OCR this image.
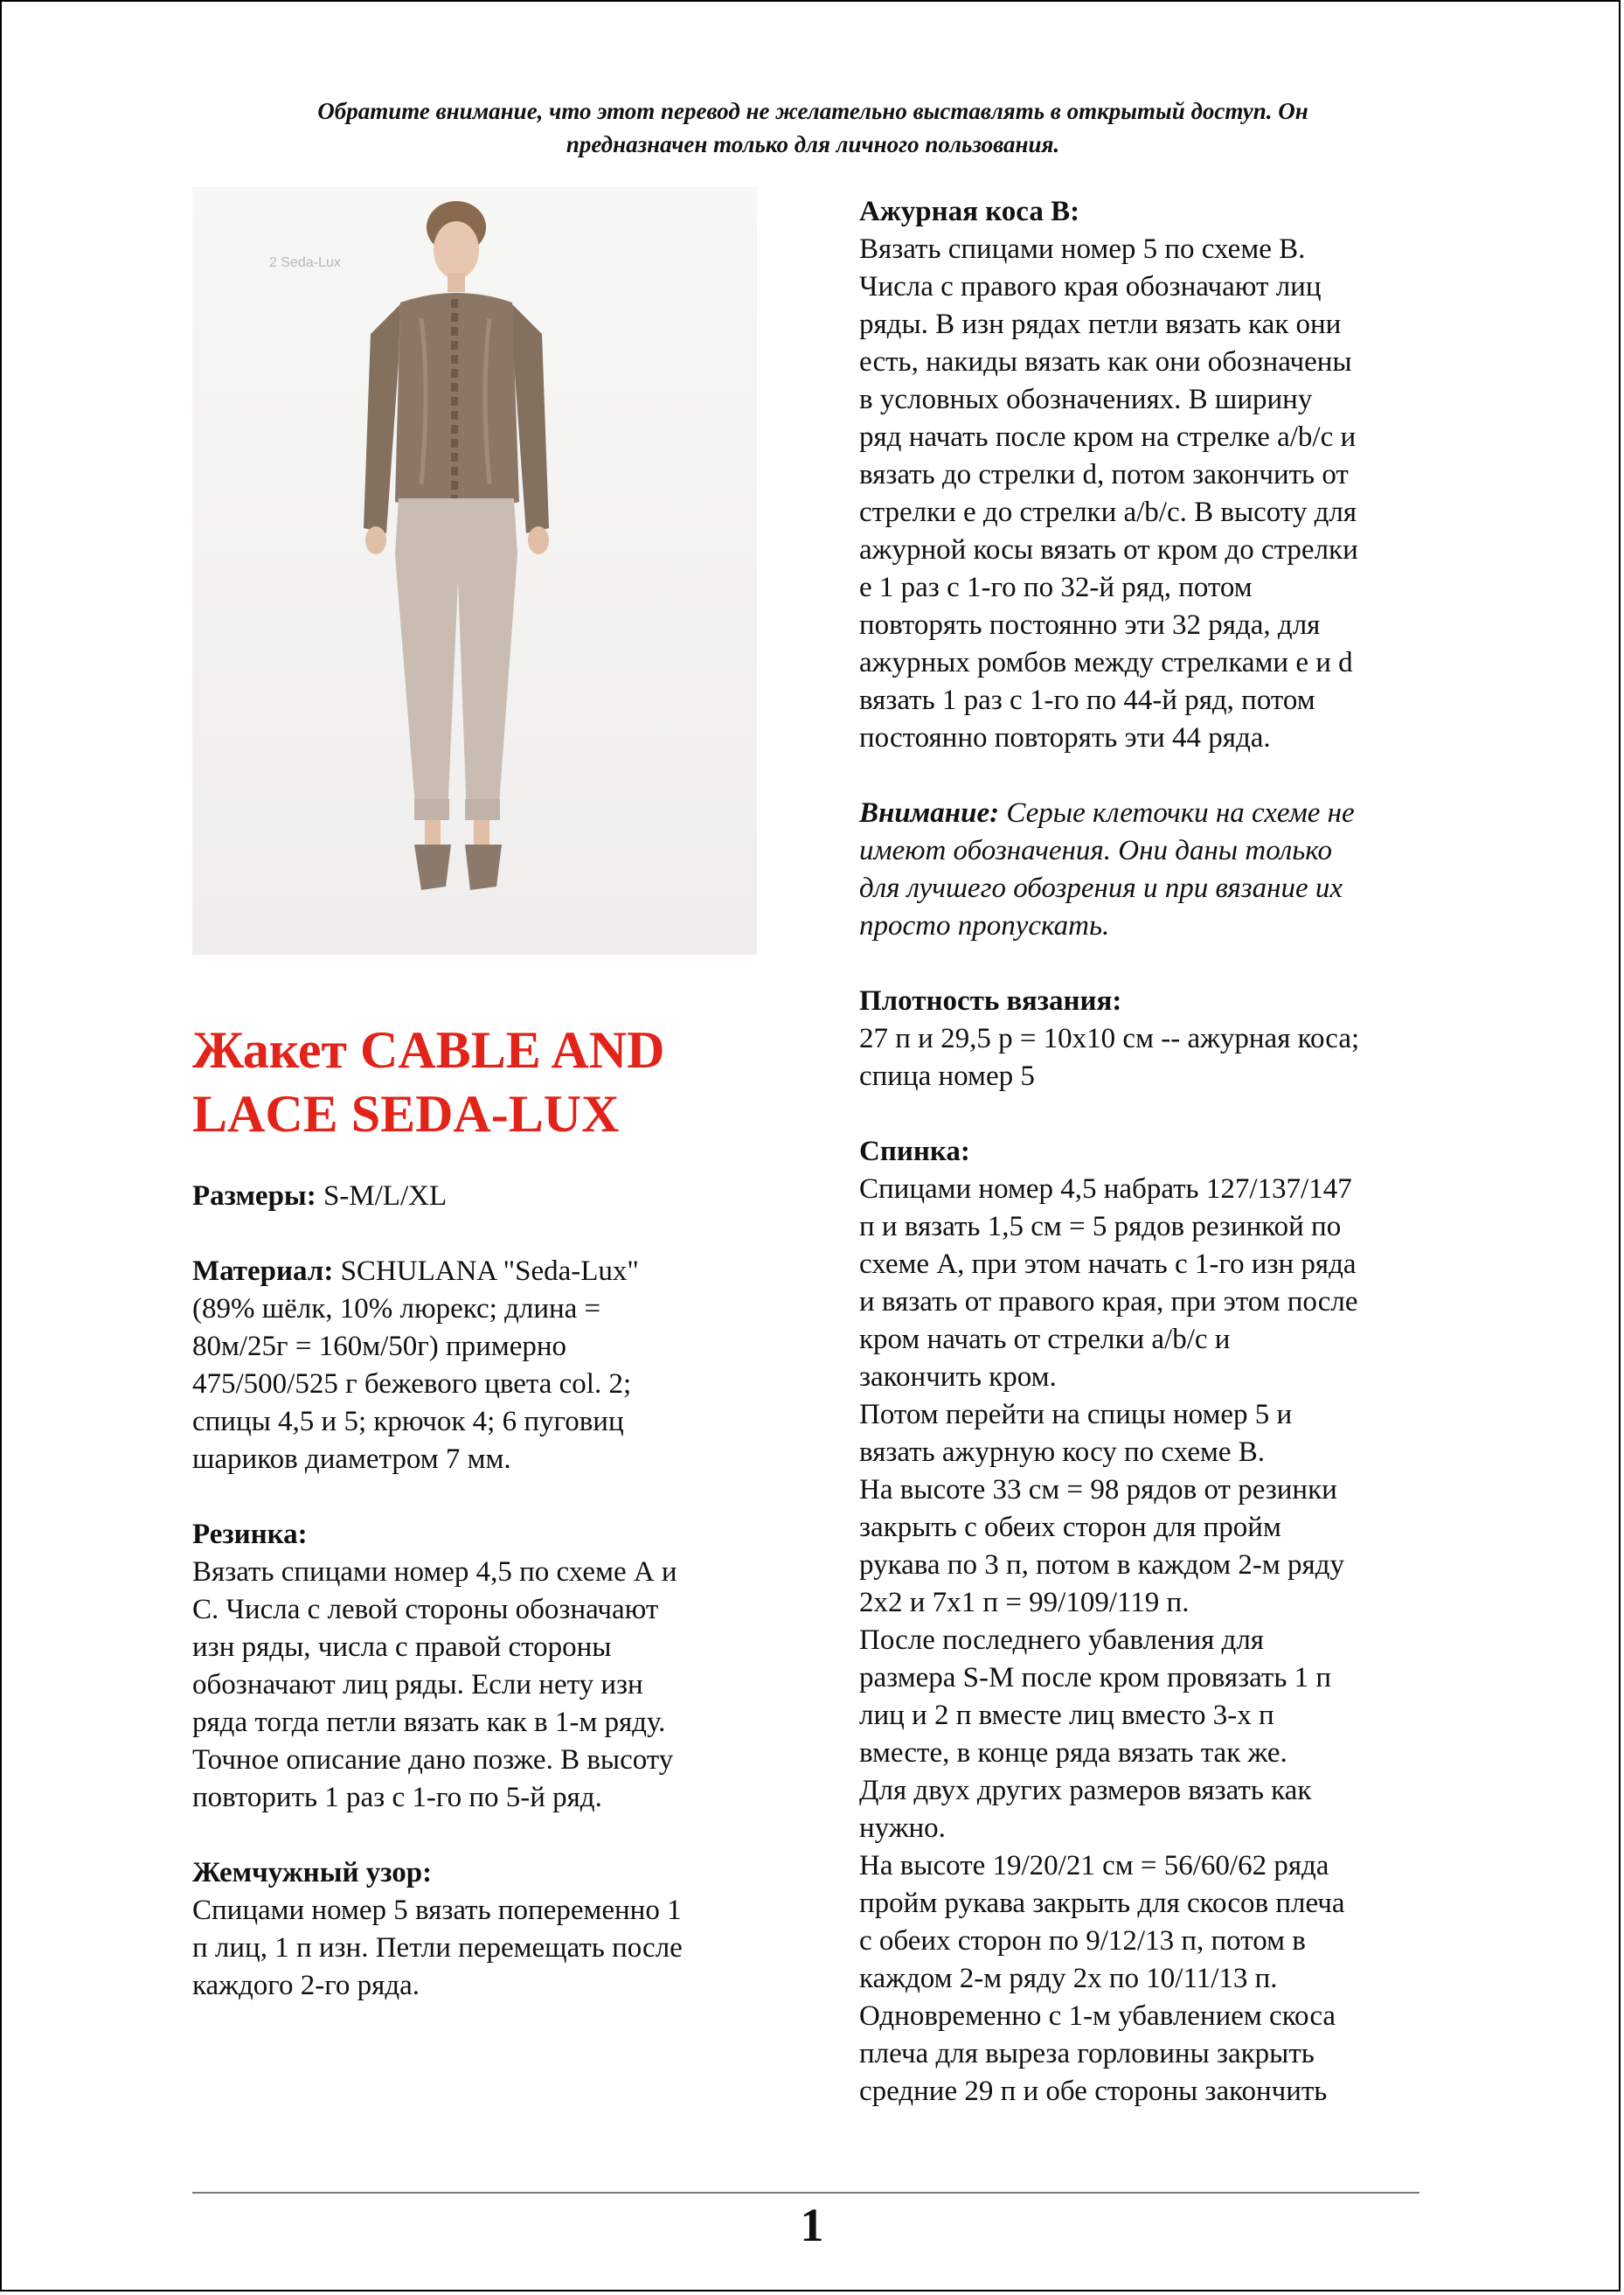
Обратите внимание, что этот перевод не желательно выставлять в открытый доступ. Он
предназначен только для личного пользования.
2 Seda-Lux
Жакет CABLE AND
LACE SEDA-LUX
Размеры: S-M/L/XL
Материал: SCHULANA "Seda-Lux"
(89% шёлк, 10% люрекс; длина =
80м/25г = 160м/50г) примерно
475/500/525 г бежевого цвета col. 2;
спицы 4,5 и 5; крючок 4; 6 пуговиц
шариков диаметром 7 мм.
Резинка:
Вязать спицами номер 4,5 по схеме А и
С. Числа с левой стороны обозначают
изн ряды, числа с правой стороны
обозначают лиц ряды. Если нету изн
ряда тогда петли вязать как в 1-м ряду.
Точное описание дано позже. В высоту
повторить 1 раз с 1-го по 5-й ряд.
Жемчужный узор:
Спицами номер 5 вязать попеременно 1
п лиц, 1 п изн. Петли перемещать после
каждого 2-го ряда.
Ажурная коса В:
Вязать спицами номер 5 по схеме В.
Числа с правого края обозначают лиц
ряды. В изн рядах петли вязать как они
есть, накиды вязать как они обозначены
в условных обозначениях. В ширину
ряд начать после кром на стрелке a/b/c и
вязать до стрелки d, потом закончить от
стрелки е до стрелки a/b/c. В высоту для
ажурной косы вязать от кром до стрелки
е 1 раз с 1-го по 32-й ряд, потом
повторять постоянно эти 32 ряда, для
ажурных ромбов между стрелками е и d
вязать 1 раз с 1-го по 44-й ряд, потом
постоянно повторять эти 44 ряда.
Внимание: Серые клеточки на схеме не
имеют обозначения. Они даны только
для лучшего обозрения и при вязание их
просто пропускать.
Плотность вязания:
27 п и 29,5 р = 10х10 см -- ажурная коса;
спица номер 5
Спинка:
Спицами номер 4,5 набрать 127/137/147
п и вязать 1,5 см = 5 рядов резинкой по
схеме А, при этом начать с 1-го изн ряда
и вязать от правого края, при этом после
кром начать от стрелки a/b/c и
закончить кром.
Потом перейти на спицы номер 5 и
вязать ажурную косу по схеме В.
На высоте 33 см = 98 рядов от резинки
закрыть с обеих сторон для пройм
рукава по 3 п, потом в каждом 2-м ряду
2х2 и 7х1 п = 99/109/119 п.
После последнего убавления для
размера S-M после кром провязать 1 п
лиц и 2 п вместе лиц вместо 3-х п
вместе, в конце ряда вязать так же.
Для двух других размеров вязать как
нужно.
На высоте 19/20/21 см = 56/60/62 ряда
пройм рукава закрыть для скосов плеча
с обеих сторон по 9/12/13 п, потом в
каждом 2-м ряду 2х по 10/11/13 п.
Одновременно с 1-м убавлением скоса
плеча для выреза горловины закрыть
средние 29 п и обе стороны закончить
1
